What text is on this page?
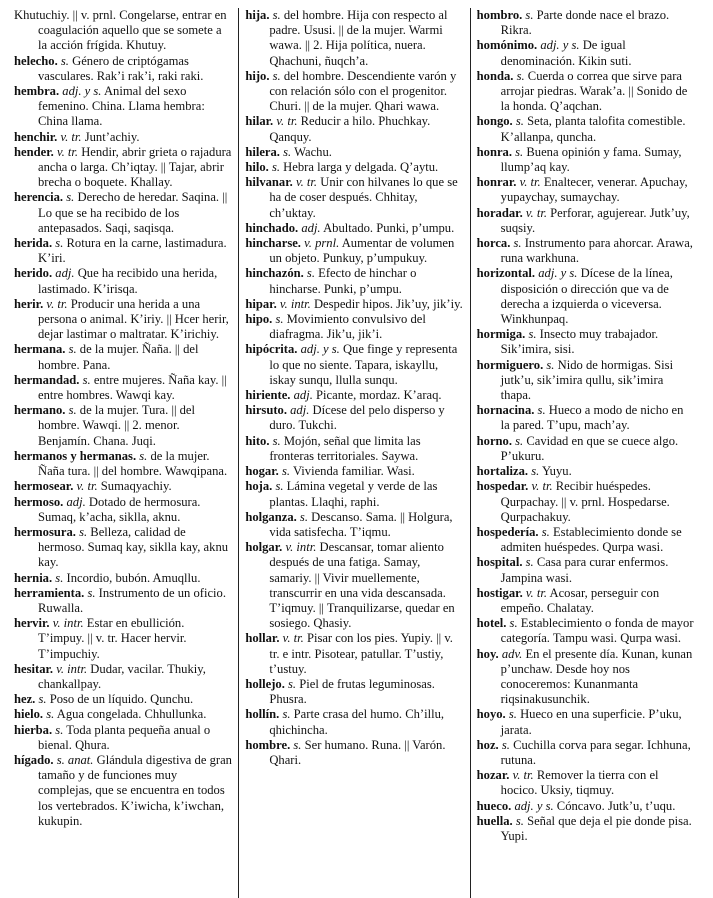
Khutuchiy. || v. prnl. Congelarse, entrar en coagulación aquello que se somete a la acción frígida. Khutuy.

helecho. s. Género de criptógamas vasculares. Rak’i rak’i, raki raki.

hembra. adj. y s. Animal del sexo femenino. China. Llama hembra: China llama.

henchir. v. tr. Junt’achiy.

hender. v. tr. Hendir, abrir grieta o rajadura ancha o larga. Ch’iqtay. || Tajar, abrir brecha o boquete. Khallay.

herencia. s. Derecho de heredar. Saqina. || Lo que se ha recibido de los antepasados. Saqi, saqisqa.

herida. s. Rotura en la carne, lastimadura. K’iri.

herido. adj. Que ha recibido una herida, lastimado. K’irisqa.

herir. v. tr. Producir una herida a una persona o animal. K’iriy. || Hcer herir, dejar lastimar o maltratar. K’irichiy.

hermana. s. de la mujer. Ñaña. || del hombre. Pana.

hermandad. s. entre mujeres. Ñaña kay. || entre hombres. Wawqi kay.

hermano. s. de la mujer. Tura. || del hombre. Wawqi. || 2. menor. Benjamín. Chana. Juqi.

hermanos y hermanas. s. de la mujer. Ñaña tura. || del hombre. Wawqipana.

hermosear. v. tr. Sumaqyachiy.

hermoso. adj. Dotado de hermosura. Sumaq, k’acha, siklla, aknu.

hermosura. s. Belleza, calidad de hermoso. Sumaq kay, siklla kay, aknu kay.

hernia. s. Incordio, bubón. Amuqllu.

herramienta. s. Instrumento de un oficio. Ruwalla.

hervir. v. intr. Estar en ebullición. T’impuy. || v. tr. Hacer hervir. T’impuchiy.

hesitar. v. intr. Dudar, vacilar. Thukiy, chankallpay.

hez. s. Poso de un líquido. Qunchu.

hielo. s. Agua congelada. Chhullunka.

hierba. s. Toda planta pequeña anual o bienal. Qhura.

hígado. s. anat. Glándula digestiva de gran tamaño y de funciones muy complejas, que se encuentra en todos los vertebrados. K’iwicha, k’iwchan, kukupin.

hija. s. del hombre. Hija con respecto al padre. Ususi. || de la mujer. Warmi wawa. || 2. Hija política, nuera. Qhachuni, ñuqch’a.

hijo. s. del hombre. Descendiente varón y con relación sólo con el progenitor. Churi. || de la mujer. Qhari wawa.

hilar. v. tr. Reducir a hilo. Phuchkay. Qanquy.

hilera. s. Wachu.

hilo. s. Hebra larga y delgada. Q’aytu.

hilvanar. v. tr. Unir con hilvanes lo que se ha de coser después. Chhitay, ch’uktay.

hinchado. adj. Abultado. Punki, p’umpu.

hincharse. v. prnl. Aumentar de volumen un objeto. Punkuy, p’umpukuy.

hinchazón. s. Efecto de hinchar o hincharse. Punki, p’umpu.

hipar. v. intr. Despedir hipos. Jik’uy, jik’iy.

hipo. s. Movimiento convulsivo del diafragma. Jik’u, jik’i.

hipócrita. adj. y s. Que finge y representa lo que no siente. Tapara, iskayllu, iskay sunqu, llulla sunqu.

hiriente. adj. Picante, mordaz. K’araq.

hirsuto. adj. Dícese del pelo disperso y duro. Tukchi.

hito. s. Mojón, señal que limita las fronteras territoriales. Saywa.

hogar. s. Vivienda familiar. Wasi.

hoja. s. Lámina vegetal y verde de las plantas. Llaqhi, raphi.

holganza. s. Descanso. Sama. || Holgura, vida satisfecha. T’iqmu.

holgar. v. intr. Descansar, tomar aliento después de una fatiga. Samay, samariy. || Vivir muellemente, transcurrir en una vida descansada. T’iqmuy. || Tranquilizarse, quedar en sosiego. Qhasiy.

hollar. v. tr. Pisar con los pies. Yupiy. || v. tr. e intr. Pisotear, patullar. T’ustiy, t’ustuy.

hollejo. s. Piel de frutas leguminosas. Phusra.

hollín. s. Parte crasa del humo. Ch’illu, qhichincha.

hombre. s. Ser humano. Runa. || Varón. Qhari.

hombro. s. Parte donde nace el brazo. Rikra.

homónimo. adj. y s. De igual denominación. Kikin suti.

honda. s. Cuerda o correa que sirve para arrojar piedras. Warak’a. || Sonido de la honda. Q’aqchan.

hongo. s. Seta, planta talofita comestible. K’allanpa, quncha.

honra. s. Buena opinión y fama. Sumay, llump’aq kay.

honrar. v. tr. Enaltecer, venerar. Apuchay, yupaychay, sumaychay.

horadar. v. tr. Perforar, agujerear. Jutk’uy, suqsiy.

horca. s. Instrumento para ahorcar. Arawa, runa warkhuna.

horizontal. adj. y s. Dícese de la línea, disposición o dirección que va de derecha a izquierda o viceversa. Winkhunpaq.

hormiga. s. Insecto muy trabajador. Sik’imira, sisi.

hormiguero. s. Nido de hormigas. Sisi jutk’u, sik’imira qullu, sik’imira thapa.

hornacina. s. Hueco a modo de nicho en la pared. T’upu, mach’ay.

horno. s. Cavidad en que se cuece algo. P’ukuru.

hortaliza. s. Yuyu.

hospedar. v. tr. Recibir huéspedes. Qurpachay. || v. prnl. Hospedarse. Qurpachakuy.

hospedería. s. Establecimiento donde se admiten huéspedes. Qurpa wasi.

hospital. s. Casa para curar enfermos. Jampina wasi.

hostigar. v. tr. Acosar, perseguir con empeño. Chalatay.

hotel. s. Establecimiento o fonda de mayor categoría. Tampu wasi. Qurpa wasi.

hoy. adv. En el presente día. Kunan, kunan p’unchaw. Desde hoy nos conoceremos: Kunanmanta riqsinakusunchik.

hoyo. s. Hueco en una superficie. P’uku, jarata.

hoz. s. Cuchilla corva para segar. Ichhuna, rutuna.

hozar. v. tr. Remover la tierra con el hocico. Uksiy, tiqmuy.

hueco. adj. y s. Cóncavo. Jutk’u, t’uqu.

huella. s. Señal que deja el pie donde pisa. Yupi.
